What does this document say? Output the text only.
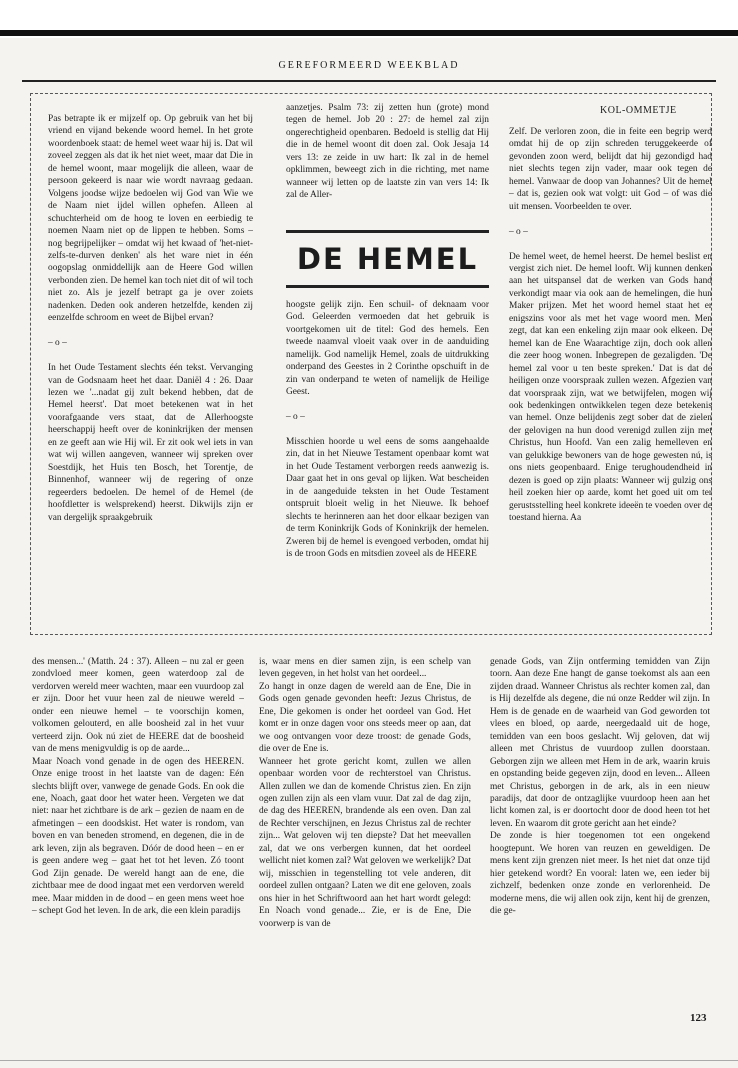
GEREFORMEERD WEEKBLAD
KOL-OMMETJE
Pas betrapte ik er mijzelf op. Op gebruik van het bij vriend en vijand bekende woord hemel. In het grote woordenboek staat: de hemel weet waar hij is. Dat wil zoveel zeggen als dat ik het niet weet, maar dat Die in de hemel woont, maar mogelijk die alleen, waar de persoon gekeerd is naar wie wordt navraag gedaan. Volgens joodse wijze bedoelen wij God van Wie we de Naam niet ijdel willen ophefen. Alleen al schuchterheid om de hoog te loven en eerbiedig te noemen Naam niet op de lippen te hebben. Soms – nog begrijpelijker – omdat wij het kwaad of 'het-niet-zelfs-te-durven denken' als het ware niet in één oogopslag onmiddellijk aan de Heere God willen verbonden zien. De hemel kan toch niet dit of wil toch niet zo. Als je jezelf betrapt ga je over zoiets nadenken. Deden ook anderen hetzelfde, kenden zij eenzelfde schroom en weet de Bijbel ervan?

– o –

In het Oude Testament slechts één tekst. Vervanging van de Godsnaam heet het daar. Daniël 4 : 26. Daar lezen we '...nadat gij zult bekend hebben, dat de Hemel heerst'. Dat moet betekenen wat in het voorafgaande vers staat, dat de Allerhoogste heerschappij heeft over de koninkrijken der mensen en ze geeft aan wie Hij wil. Er zit ook wel iets in van wat wij willen aangeven, wanneer wij spreken over Soestdijk, het Huis ten Bosch, het Torentje, de Binnenhof, wanneer wij de regering of onze regeerders bedoelen. De hemel of de Hemel (de hoofdletter is welsprekend) heerst. Dikwijls zijn er van dergelijk spraakgebruik
aanzetjes. Psalm 73: zij zetten hun (grote) mond tegen de hemel. Job 20 : 27: de hemel zal zijn ongerechtigheid openbaren. Bedoeld is stellig dat Hij die in de hemel woont dit doen zal. Ook Jesaja 14 vers 13: ze zeide in uw hart: Ik zal in de hemel opklimmen, beweegt zich in die richting, met name wanneer wij letten op de laatste zin van vers 14: Ik zal de Aller-
DE HEMEL
hoogste gelijk zijn. Een schuil- of deknaam voor God. Geleerden vermoeden dat het gebruik is voortgekomen uit de titel: God des hemels. Een tweede naamval vloeit vaak over in de aanduiding namelijk. God namelijk Hemel, zoals de uitdrukking onderpand des Geestes in 2 Corinthe opschuift in de zin van onderpand te weten of namelijk de Heilige Geest.

– o –

Misschien hoorde u wel eens de soms aangehaalde zin, dat in het Nieuwe Testament openbaar komt wat in het Oude Testament verborgen reeds aanwezig is. Daar gaat het in ons geval op lijken. Wat bescheiden in de aangeduide teksten in het Oude Testament ontspruit bloeit welig in het Nieuwe. Ik behoef slechts te herinneren aan het door elkaar bezigen van de term Koninkrijk Gods of Koninkrijk der hemelen. Zweren bij de hemel is evengoed verboden, omdat hij is de troon Gods en mitsdien zoveel als de HEERE
Zelf. De verloren zoon, die in feite een begrip werd omdat hij de op zijn schreden teruggekeerde of gevonden zoon werd, belijdt dat hij gezondigd had niet slechts tegen zijn vader, maar ook tegen de hemel. Vanwaar de doop van Johannes? Uit de hemel – dat is, gezien ook wat volgt: uit God – of was die uit mensen. Voorbeelden te over.

– o –

De hemel weet, de hemel heerst. De hemel beslist en vergist zich niet. De hemel looft. Wij kunnen denken aan het uitspansel dat de werken van Gods hand verkondigt maar via ook aan de hemelingen, die hun Maker prijzen. Met het woord hemel staat het er enigszins voor als met het vage woord men. Men zegt, dat kan een enkeling zijn maar ook elkeen. De hemel kan de Ene Waarachtige zijn, doch ook allen die zeer hoog wonen. Inbegrepen de gezaligden. 'De hemel zal voor u ten beste spreken.' Dat is dat de heiligen onze voorspraak zullen wezen. Afgezien van dat voorspraak zijn, wat we betwijfelen, mogen wij ook bedenkingen ontwikkelen tegen deze betekenis van hemel. Onze belijdenis zegt sober dat de zielen der gelovigen na hun dood verenigd zullen zijn met Christus, hun Hoofd. Van een zalig hemelleven en van gelukkige bewoners van de hoge gewesten nú, is ons niets geopenbaard. Enige terughoudendheid in dezen is goed op zijn plaats: Wanneer wij gulzig ons heil zoeken hier op aarde, komt het goed uit om ter gerustsstelling heel konkrete ideeën te voeden over de toestand hierna. Aa
des mensen...' (Matth. 24 : 37). Alleen – nu zal er geen zondvloed meer komen, geen waterdoop zal de verdorven wereld meer wachten, maar een vuurdoop zal er zijn. Door het vuur heen zal de nieuwe wereld – onder een nieuwe hemel – te voorschijn komen, volkomen gelouterd, en alle boosheid zal in het vuur verteerd zijn. Ook nú ziet de HEERE dat de boosheid van de mens menigvuldig is op de aarde...
Maar Noach vond genade in de ogen des HEEREN. Onze enige troost in het laatste van de dagen: Eén slechts blijft over, vanwege de genade Gods. En ook die ene, Noach, gaat door het water heen. Vergeten we dat niet: naar het zichtbare is de ark – gezien de naam en de afmetingen – een doodskist. Het water is rondom, van boven en van beneden stromend, en degenen, die in de ark leven, zijn als begraven. Dóór de dood heen – en er is geen andere weg – gaat het tot het leven. Zó toont God Zijn genade. De wereld hangt aan de ene, die zichtbaar mee de dood ingaat met een verdorven wereld mee. Maar midden in de dood – en geen mens weet hoe – schept God het leven. In de ark, die een klein paradijs
is, waar mens en dier samen zijn, is een schelp van leven gegeven, in het holst van het oordeel...
Zo hangt in onze dagen de wereld aan de Ene, Die in Gods ogen genade gevonden heeft: Jezus Christus, de Ene, Die gekomen is onder het oordeel van God. Het komt er in onze dagen voor ons steeds meer op aan, dat we oog ontvangen voor deze troost: de genade Gods, die over de Ene is.
Wanneer het grote gericht komt, zullen we allen openbaar worden voor de rechterstoel van Christus. Allen zullen we dan de komende Christus zien. En zijn ogen zullen zijn als een vlam vuur. Dat zal de dag zijn, de dag des HEEREN, brandende als een oven. Dan zal de Rechter verschijnen, en Jezus Christus zal de rechter zijn... Wat geloven wij ten diepste? Dat het meevallen zal, dat we ons verbergen kunnen, dat het oordeel wellicht niet komen zal? Wat geloven we werkelijk? Dat wij, misschien in tegenstelling tot vele anderen, dit oordeel zullen ontgaan? Laten we dit ene geloven, zoals ons hier in het Schriftwoord aan het hart wordt gelegd: En Noach vond genade... Zie, er is de Ene, Die voorwerp is van de
genade Gods, van Zijn ontferming temidden van Zijn toorn. Aan deze Ene hangt de ganse toekomst als aan een zijden draad. Wanneer Christus als rechter komen zal, dan is Hij dezelfde als degene, die nú onze Redder wil zijn. In Hem is de genade en de waarheid van God geworden tot vlees en bloed, op aarde, neergedaald uit de hoge, temidden van een boos geslacht. Wij geloven, dat wij alleen met Christus de vuurdoop zullen doorstaan. Geborgen zijn we alleen met Hem in de ark, waarin kruis en opstanding beide gegeven zijn, dood en leven... Alleen met Christus, geborgen in de ark, als in een nieuw paradijs, dat door de ontzaglijke vuurdoop heen aan het licht komen zal, is er doortocht door de dood heen tot het leven. En waarom dit grote gericht aan het einde?
De zonde is hier toegenomen tot een ongekend hoogtepunt. We horen van reuzen en geweldigen. De mens kent zijn grenzen niet meer. Is het niet dat onze tijd hier getekend wordt? En vooral: laten we, een ieder bij zichzelf, bedenken onze zonde en verlorenheid. De moderne mens, die wij allen ook zijn, kent hij de grenzen, die ge-
123
